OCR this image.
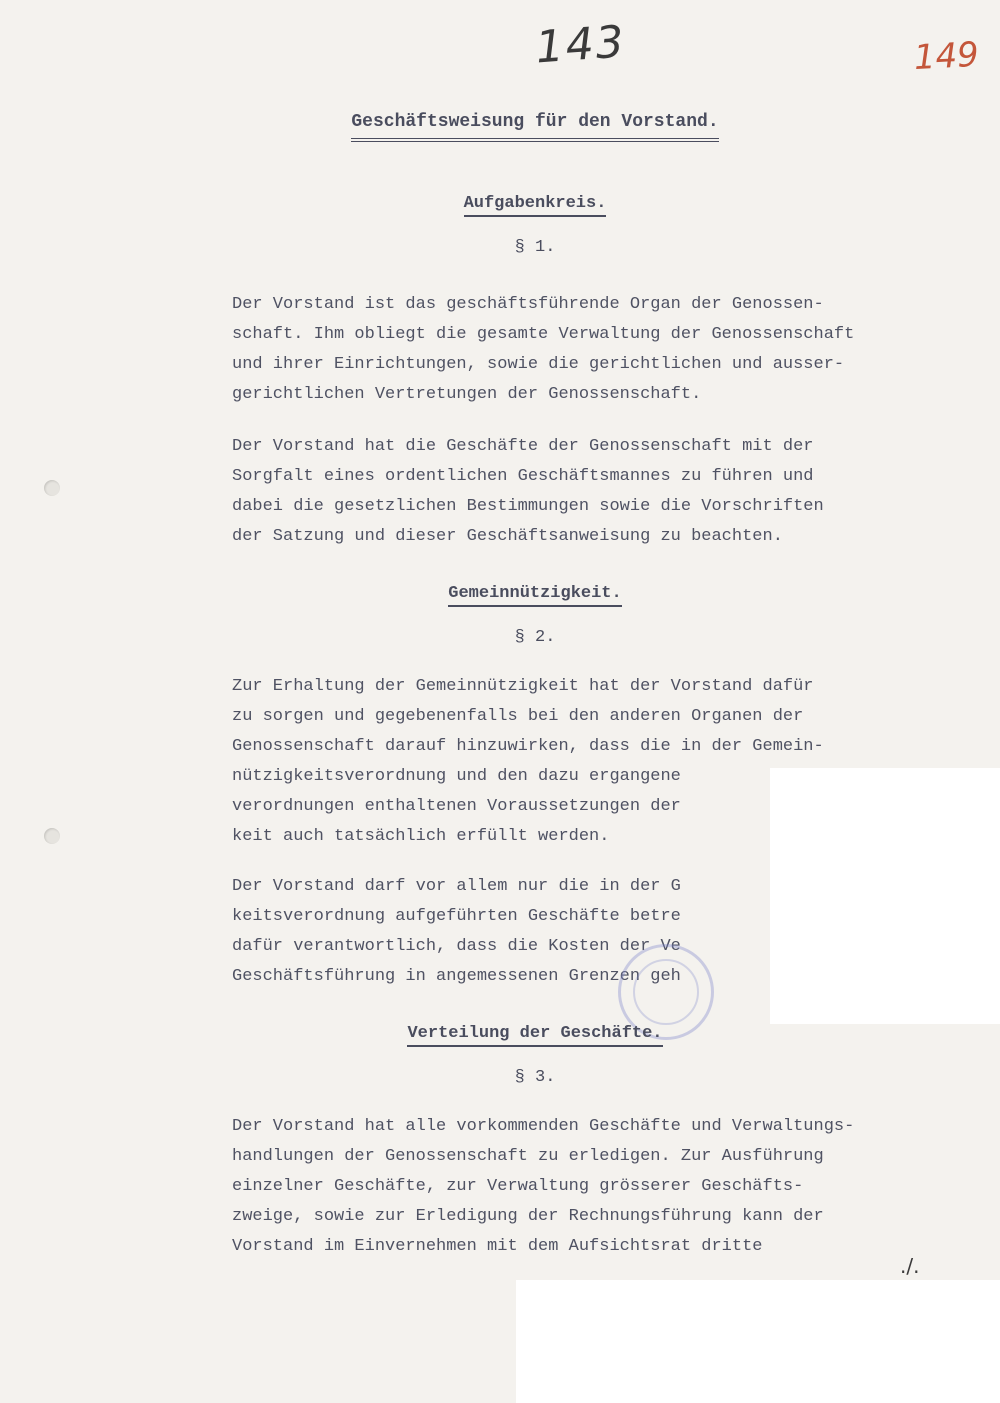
143	149
Geschäftsweisung für den Vorstand.
Aufgabenkreis.
§ 1.

Der Vorstand ist das geschäftsführende Organ der Genossen-
schaft. Ihm obliegt die gesamte Verwaltung der Genossenschaft
und ihrer Einrichtungen, sowie die gerichtlichen und ausser-
gerichtlichen Vertretungen der Genossenschaft.

Der Vorstand hat die Geschäfte der Genossenschaft mit der
Sorgfalt eines ordentlichen Geschäftsmannes zu führen und
dabei die gesetzlichen Bestimmungen sowie die Vorschriften
der Satzung und dieser Geschäftsanweisung zu beachten.

Gemeinnützigkeit.
§ 2.

Zur Erhaltung der Gemeinnützigkeit hat der Vorstand dafür
zu sorgen und gegebenenfalls bei den anderen Organen der
Genossenschaft darauf hinzuwirken, dass die in der Gemein-
nützigkeitsverordnung und den dazu ergangene
verordnungen enthaltenen Voraussetzungen der
keit auch tatsächlich erfüllt werden.

Der Vorstand darf vor allem nur die in der G
keitsverordnung aufgeführten Geschäfte betre
dafür verantwortlich, dass die Kosten der Ve
Geschäftsführung in angemessenen Grenzen geh

Verteilung der Geschäfte.
§ 3.

Der Vorstand hat alle vorkommenden Geschäfte und Verwaltungs-
handlungen der Genossenschaft zu erledigen. Zur Ausführung
einzelner Geschäfte, zur Verwaltung grösserer Geschäfts-
zweige, sowie zur Erledigung der Rechnungsführung kann der
Vorstand im Einvernehmen mit dem Aufsichtsrat dritte

./.
